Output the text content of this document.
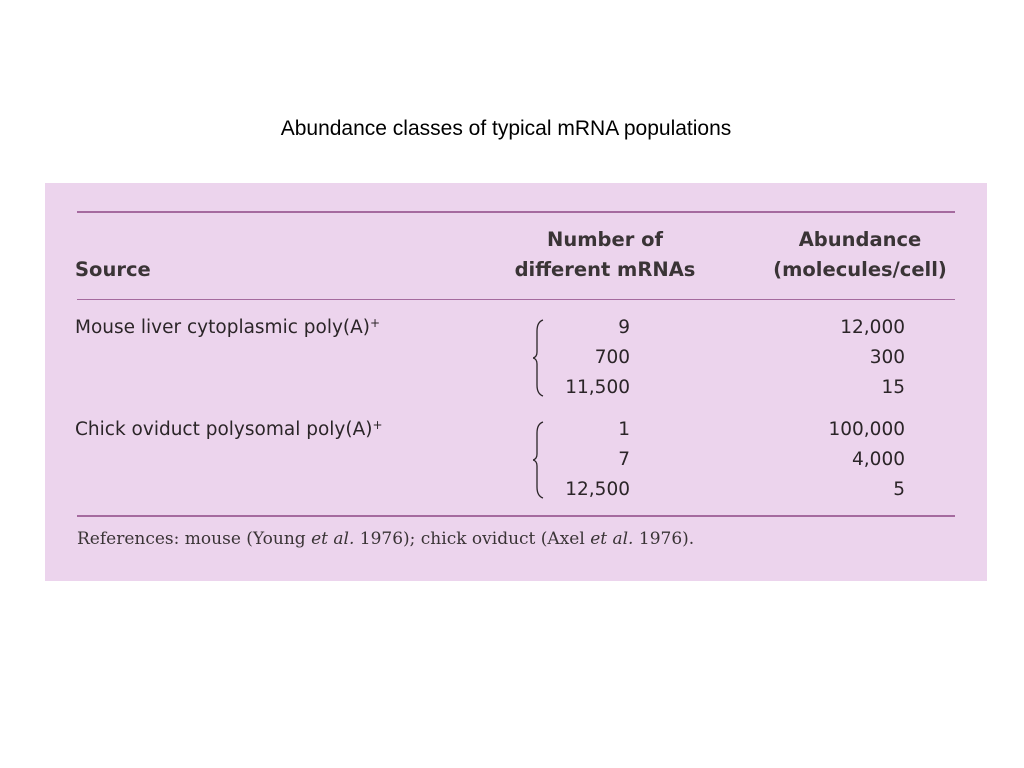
Abundance classes of typical mRNA populations
Source
Number of
different mRNAs
Abundance
(molecules/cell)
Mouse liver cytoplasmic poly(A)+	9
700
11,500
12,000
300
15
Chick oviduct polysomal poly(A)+	1
7
12,500
100,000
4,000
5
References: mouse (Young et al. 1976); chick oviduct (Axel et al. 1976).
